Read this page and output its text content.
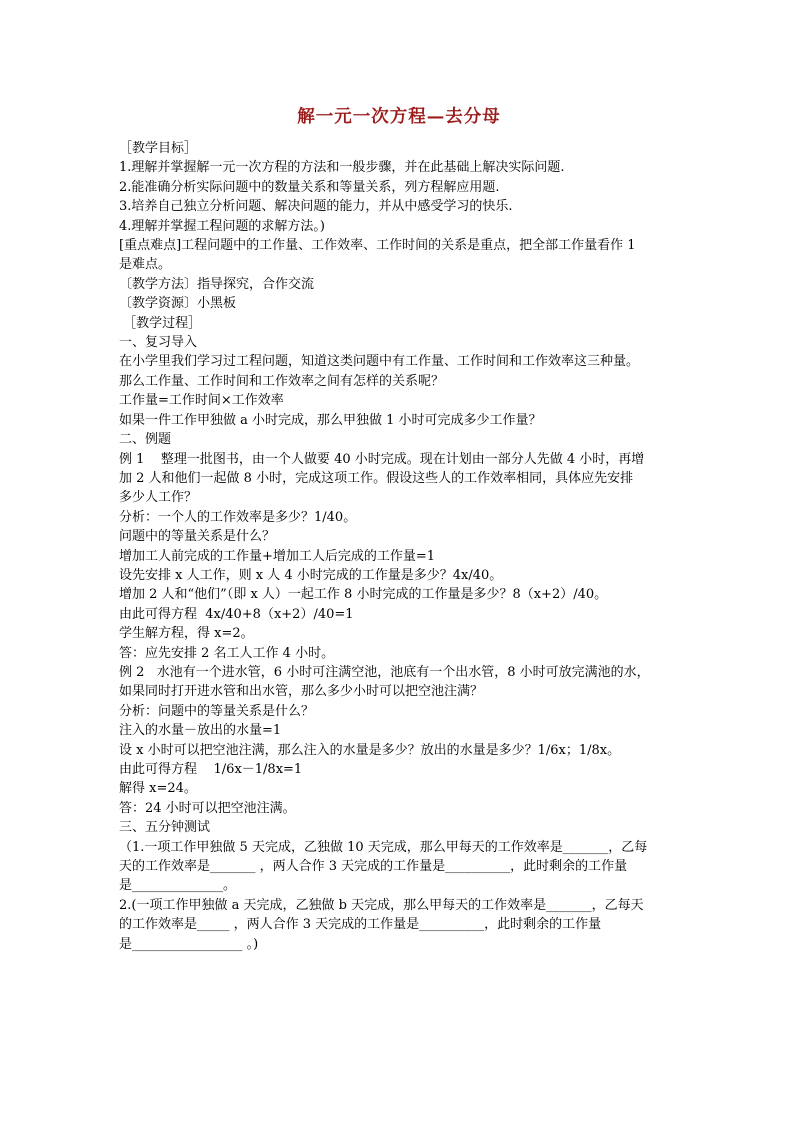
解一元一次方程—去分母

［教学目标］

1.理解并掌握解一元一次方程的方法和一般步骤，并在此基础上解决实际问题.

2.能准确分析实际问题中的数量关系和等量关系，列方程解应用题.

3.培养自己独立分析问题、解决问题的能力，并从中感受学习的快乐.

4.理解并掌握工程问题的求解方法。)

[重点难点]工程问题中的工作量、工作效率、工作时间的关系是重点，把全部工作量看作 1

是难点。

〔教学方法〕指导探究，合作交流

〔教学资源〕小黑板

［教学过程］

一、复习导入

在小学里我们学习过工程问题，知道这类问题中有工作量、工作时间和工作效率这三种量。

那么工作量、工作时间和工作效率之间有怎样的关系呢？

工作量=工作时间×工作效率

如果一件工作甲独做 a 小时完成，那么甲独做 1 小时可完成多少工作量？

二、例题

例 1    整理一批图书，由一个人做要 40 小时完成。现在计划由一部分人先做 4 小时，再增

加 2 人和他们一起做 8 小时，完成这项工作。假设这些人的工作效率相同，具体应先安排

多少人工作？

分析：一个人的工作效率是多少？1/40。

问题中的等量关系是什么？

增加工人前完成的工作量+增加工人后完成的工作量=1

设先安排 x 人工作，则 x 人 4 小时完成的工作量是多少？4x/40。

增加 2 人和“他们”（即 x 人）一起工作 8 小时完成的工作量是多少？8（x+2）/40。

由此可得方程  4x/40+8（x+2）/40=1

学生解方程，得 x=2。

答：应先安排 2 名工人工作 4 小时。

例 2   水池有一个进水管，6 小时可注满空池，池底有一个出水管，8 小时可放完满池的水，

如果同时打开进水管和出水管，那么多少小时可以把空池注满？

分析：问题中的等量关系是什么？

注入的水量－放出的水量=1

设 x 小时可以把空池注满，那么注入的水量是多少？放出的水量是多少？1/6x；1/8x。

由此可得方程    1/6x－1/8x=1

解得 x=24。

答：24 小时可以把空池注满。

三、五分钟测试

（1.一项工作甲独做 5 天完成，乙独做 10 天完成，那么甲每天的工作效率是_______，乙每

天的工作效率是_______ ，两人合作 3 天完成的工作量是__________，此时剩余的工作量

是______________。

2.(一项工作甲独做 a 天完成，乙独做 b 天完成，那么甲每天的工作效率是_______，乙每天

的工作效率是_____ ，两人合作 3 天完成的工作量是__________，此时剩余的工作量

是_________________ 。)
